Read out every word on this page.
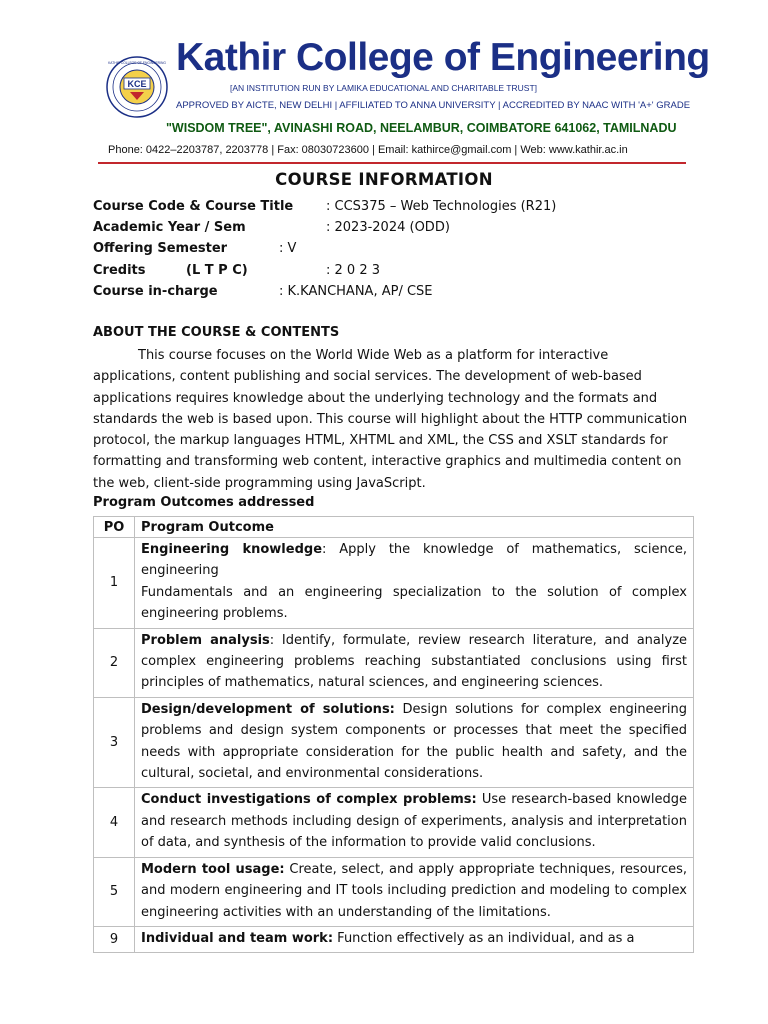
KCE
KATHIR COLLEGE OF ENGINEERING Kathir College of Engineering
[AN INSTITUTION RUN BY LAMIKA EDUCATIONAL AND CHARITABLE TRUST]
APPROVED BY AICTE, NEW DELHI | AFFILIATED TO ANNA UNIVERSITY | ACCREDITED BY NAAC WITH 'A+' GRADE
"WISDOM TREE", AVINASHI ROAD, NEELAMBUR, COIMBATORE 641062, TAMILNADU
Phone: 0422–2203787, 2203778 | Fax: 08030723600 | Email: kathirce@gmail.com | Web: www.kathir.ac.in
COURSE INFORMATION
Course Code & Course Title	: CCS375 – Web Technologies (R21)
Academic Year / Sem	: 2023-2024 (ODD)
Offering Semester	: V
Credits	(L T P C)	: 2 0 2 3
Course in-charge	: K.KANCHANA, AP/ CSE
ABOUT THE COURSE & CONTENTS
This course focuses on the World Wide Web as a platform for interactive applications, content publishing and social services. The development of web-based applications requires knowledge about the underlying technology and the formats and standards the web is based upon. This course will highlight about the HTTP communication protocol, the markup languages HTML, XHTML and XML, the CSS and XSLT standards for formatting and transforming web content, interactive graphics and multimedia content on the web, client-side programming using JavaScript.
Program Outcomes addressed
PO	Program Outcome
1	Engineering knowledge: Apply the knowledge of mathematics, science, engineering
Fundamentals and an engineering specialization to the solution of complex engineering problems.
2	Problem analysis: Identify, formulate, review research literature, and analyze complex engineering problems reaching substantiated conclusions using first principles of mathematics, natural sciences, and engineering sciences.
3	Design/development of solutions: Design solutions for complex engineering problems and design system components or processes that meet the specified needs with appropriate consideration for the public health and safety, and the cultural, societal, and environmental considerations.
4	Conduct investigations of complex problems: Use research-based knowledge and research methods including design of experiments, analysis and interpretation of data, and synthesis of the information to provide valid conclusions.
5	Modern tool usage: Create, select, and apply appropriate techniques, resources, and modern engineering and IT tools including prediction and modeling to complex engineering activities with an understanding of the limitations.
9	Individual and team work: Function effectively as an individual, and as a
